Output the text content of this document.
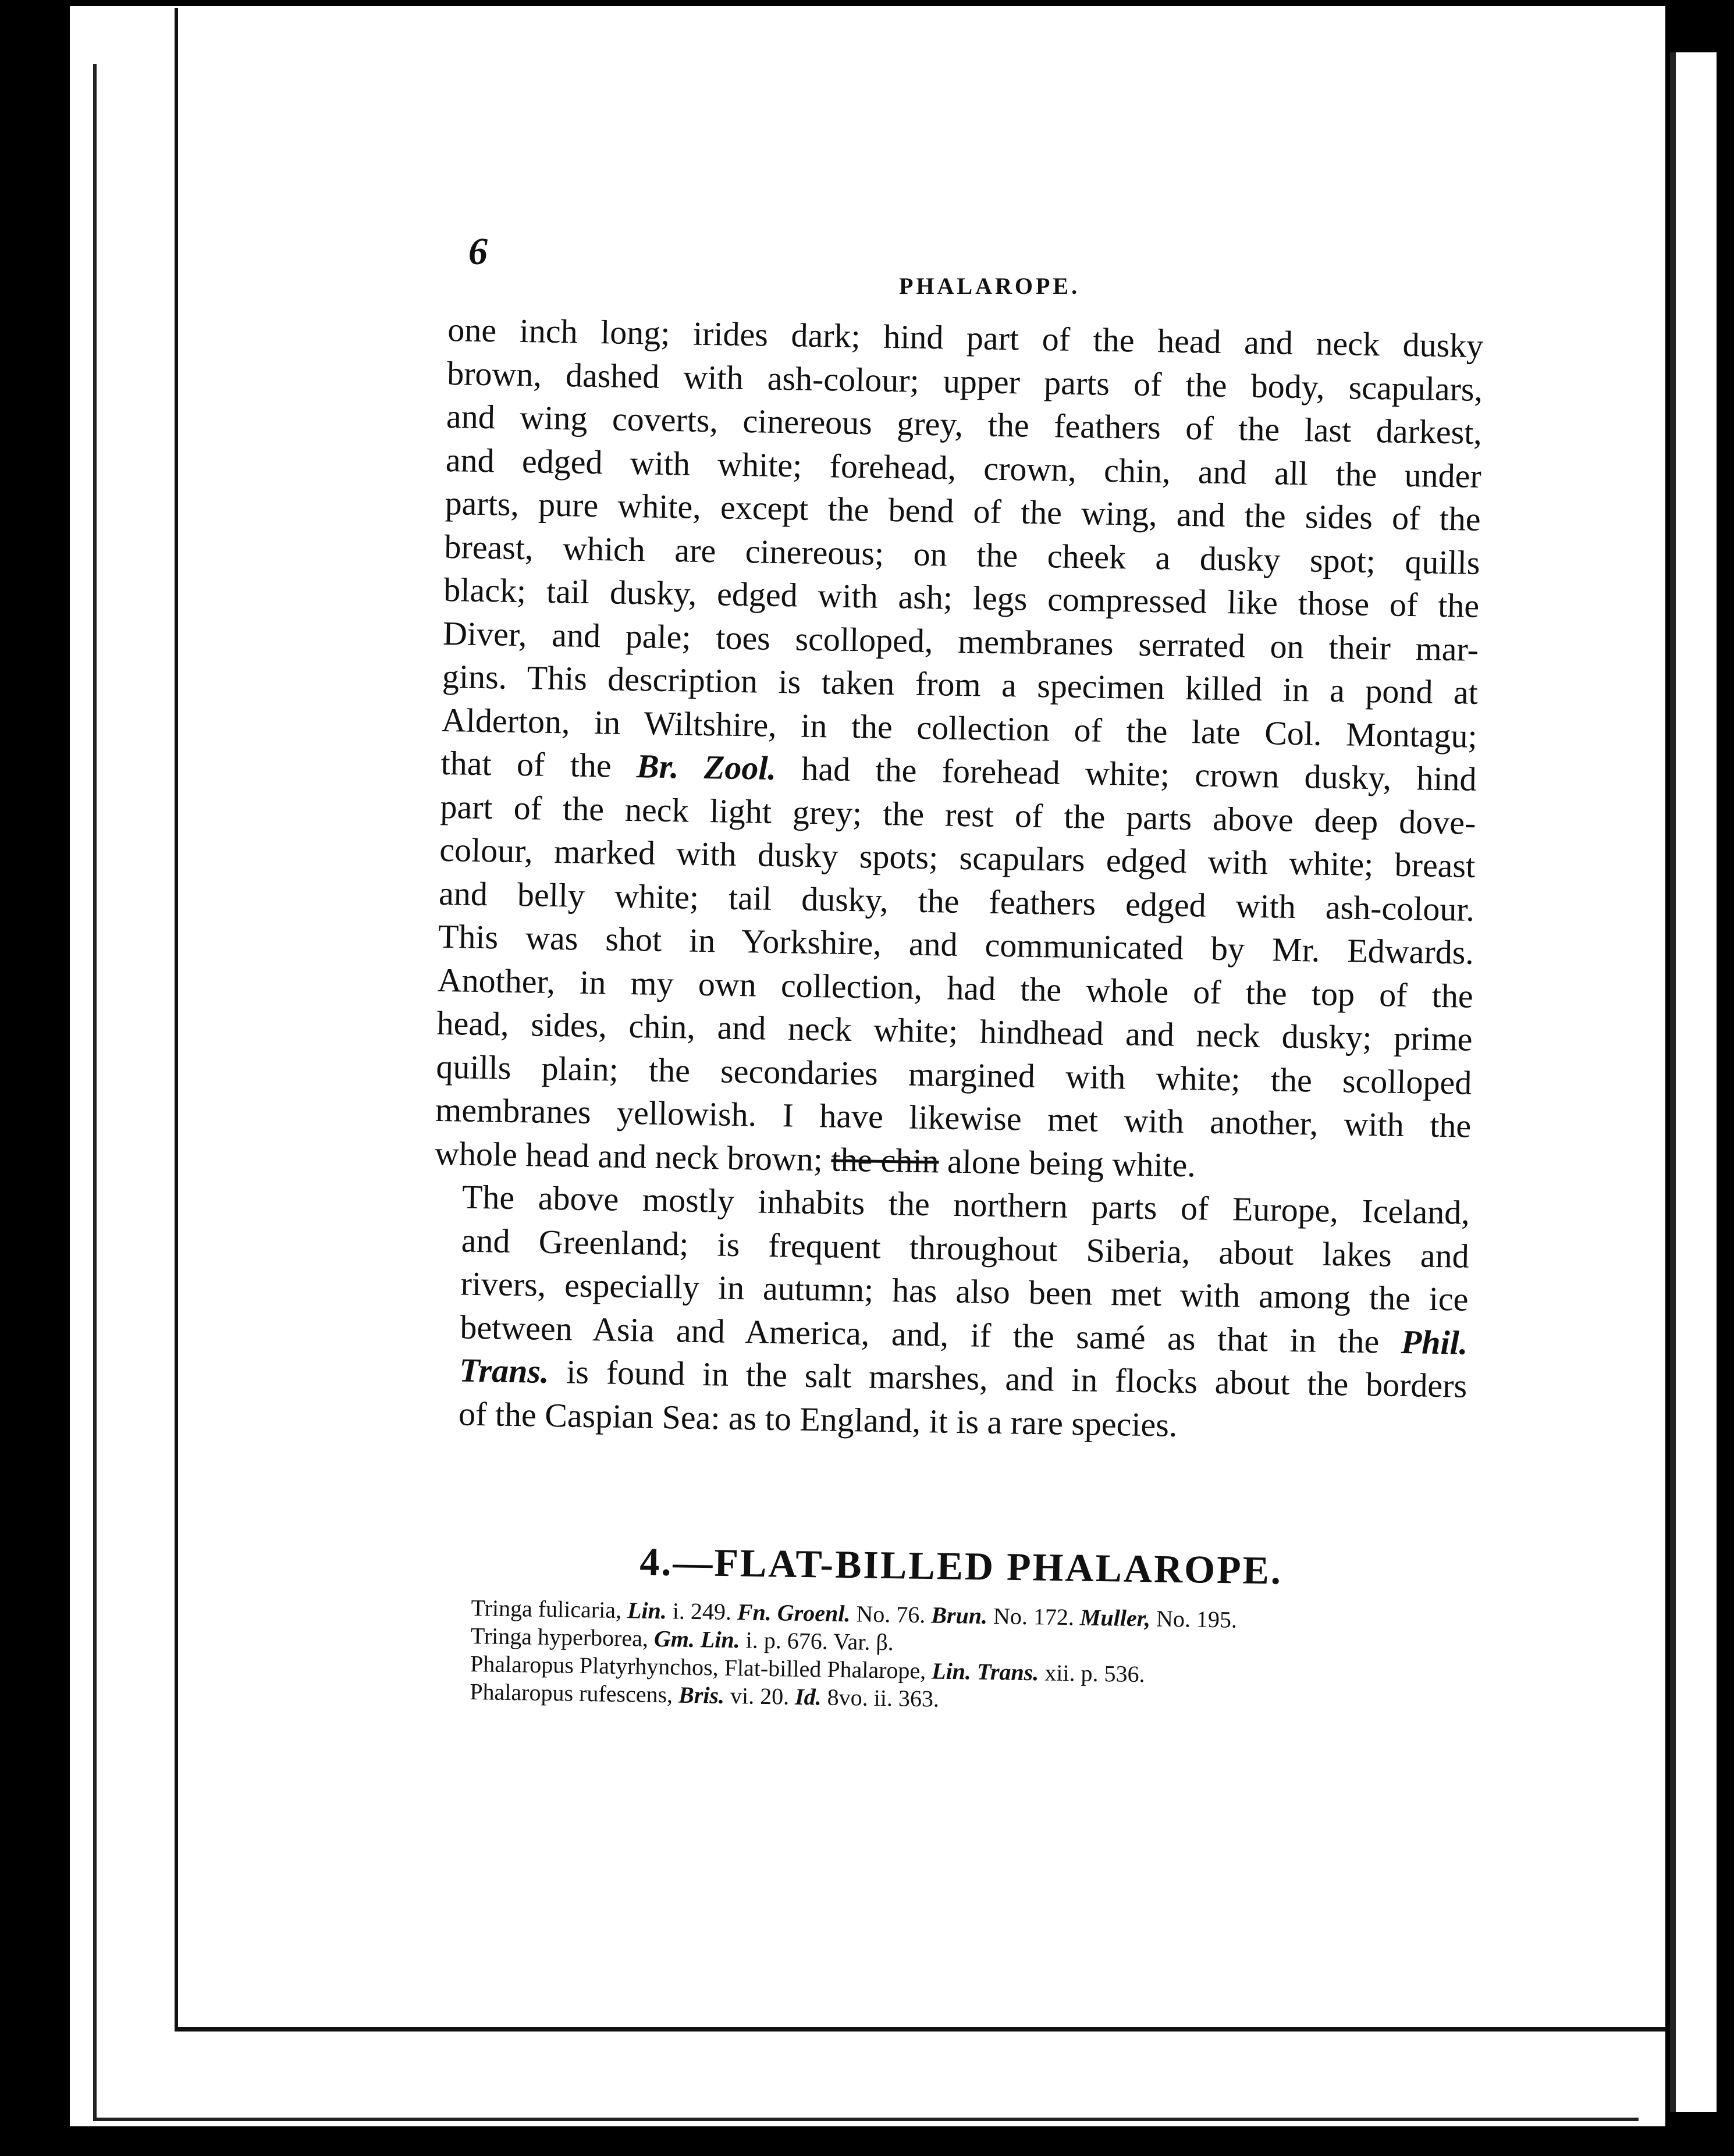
6
PHALAROPE.

one inch long; irides dark; hind part of the head and neck dusky
brown, dashed with ash-colour; upper parts of the body, scapulars,
and wing coverts, cinereous grey, the feathers of the last darkest,
and edged with white; forehead, crown, chin, and all the under
parts, pure white, except the bend of the wing, and the sides of the
breast, which are cinereous; on the cheek a dusky spot; quills
black; tail dusky, edged with ash; legs compressed like those of the
Diver, and pale; toes scolloped, membranes serrated on their mar-
gins. This description is taken from a specimen killed in a pond at
Alderton, in Wiltshire, in the collection of the late Col. Montagu;
that of the Br. Zool. had the forehead white; crown dusky, hind
part of the neck light grey; the rest of the parts above deep dove-
colour, marked with dusky spots; scapulars edged with white; breast
and belly white; tail dusky, the feathers edged with ash-colour.
This was shot in Yorkshire, and communicated by Mr. Edwards.
Another, in my own collection, had the whole of the top of the
head, sides, chin, and neck white; hindhead and neck dusky; prime
quills plain; the secondaries margined with white; the scolloped
membranes yellowish. I have likewise met with another, with the
whole head and neck brown; the chin alone being white.

The above mostly inhabits the northern parts of Europe, Iceland,
and Greenland; is frequent throughout Siberia, about lakes and
rivers, especially in autumn; has also been met with among the ice
between Asia and America, and, if the samé as that in the Phil.
Trans. is found in the salt marshes, and in flocks about the borders
of the Caspian Sea: as to England, it is a rare species.

4.—FLAT-BILLED PHALAROPE.
Tringa fulicaria, Lin. i. 249. Fn. Groenl. No. 76. Brun. No. 172. Muller, No. 195.
Tringa hyperborea, Gm. Lin. i. p. 676. Var. β.
Phalaropus Platyrhynchos, Flat-billed Phalarope, Lin. Trans. xii. p. 536.
Phalaropus rufescens, Bris. vi. 20. Id. 8vo. ii. 363.
